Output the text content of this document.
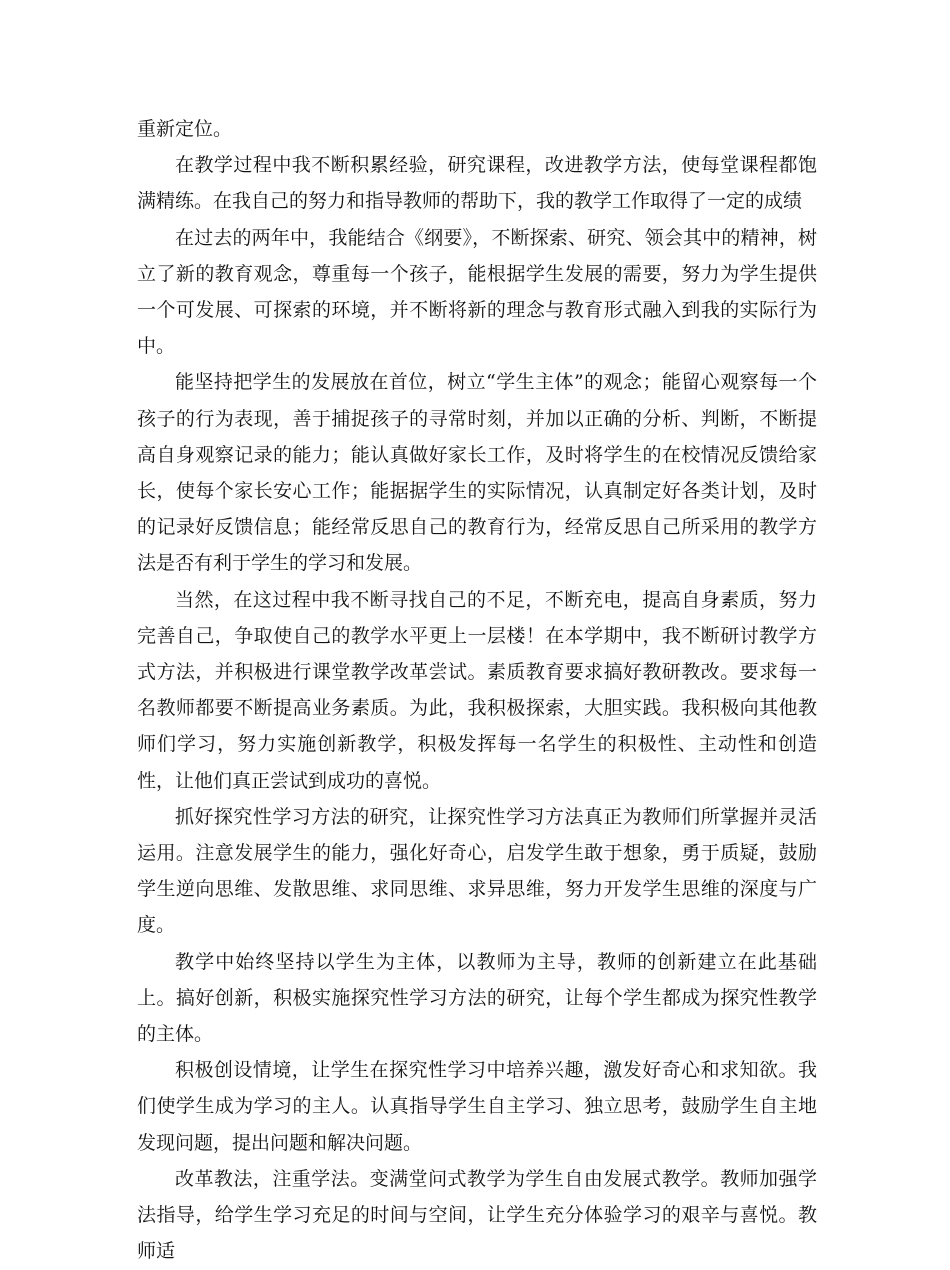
重新定位。

在教学过程中我不断积累经验，研究课程，改进教学方法，使每堂课程都饱满精练。在我自己的努力和指导教师的帮助下，我的教学工作取得了一定的成绩

在过去的两年中，我能结合《纲要》，不断探索、研究、领会其中的精神，树立了新的教育观念，尊重每一个孩子，能根据学生发展的需要，努力为学生提供一个可发展、可探索的环境，并不断将新的理念与教育形式融入到我的实际行为中。

能坚持把学生的发展放在首位，树立“学生主体”的观念；能留心观察每一个孩子的行为表现，善于捕捉孩子的寻常时刻，并加以正确的分析、判断，不断提高自身观察记录的能力；能认真做好家长工作，及时将学生的在校情况反馈给家长，使每个家长安心工作；能据据学生的实际情况，认真制定好各类计划，及时的记录好反馈信息；能经常反思自己的教育行为，经常反思自己所采用的教学方法是否有利于学生的学习和发展。

当然，在这过程中我不断寻找自己的不足，不断充电，提高自身素质，努力完善自己，争取使自己的教学水平更上一层楼！在本学期中，我不断研讨教学方式方法，并积极进行课堂教学改革尝试。素质教育要求搞好教研教改。要求每一名教师都要不断提高业务素质。为此，我积极探索，大胆实践。我积极向其他教师们学习，努力实施创新教学，积极发挥每一名学生的积极性、主动性和创造性，让他们真正尝试到成功的喜悦。

抓好探究性学习方法的研究，让探究性学习方法真正为教师们所掌握并灵活运用。注意发展学生的能力，强化好奇心，启发学生敢于想象，勇于质疑，鼓励学生逆向思维、发散思维、求同思维、求异思维，努力开发学生思维的深度与广度。

教学中始终坚持以学生为主体，以教师为主导，教师的创新建立在此基础上。搞好创新，积极实施探究性学习方法的研究，让每个学生都成为探究性教学的主体。

积极创设情境，让学生在探究性学习中培养兴趣，激发好奇心和求知欲。我们使学生成为学习的主人。认真指导学生自主学习、独立思考，鼓励学生自主地发现问题，提出问题和解决问题。

改革教法，注重学法。变满堂问式教学为学生自由发展式教学。教师加强学法指导，给学生学习充足的时间与空间，让学生充分体验学习的艰辛与喜悦。教师适
